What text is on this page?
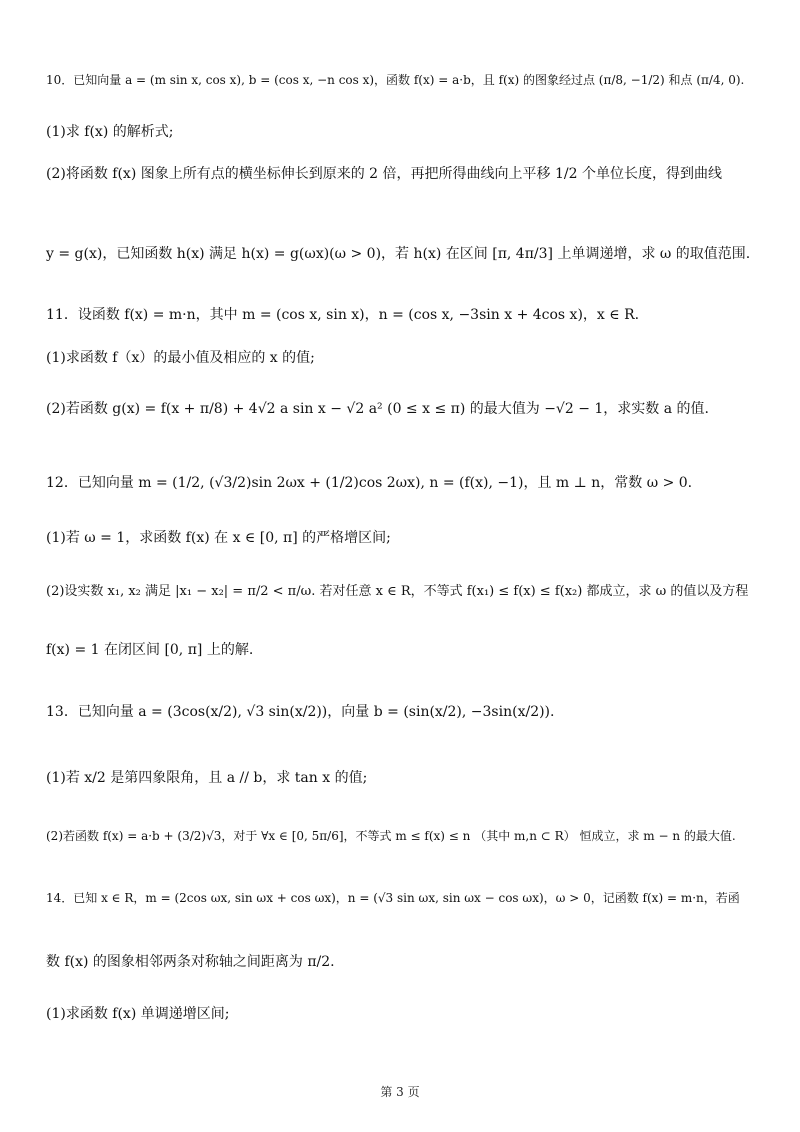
10．已知向量 a = (m sin x, cos x), b = (cos x, −n cos x)，函数 f(x) = a·b，且 f(x) 的图象经过点 (π/8, −1/2) 和点 (π/4, 0).
(1)求 f(x) 的解析式;
(2)将函数 f(x) 图象上所有点的横坐标伸长到原来的 2 倍，再把所得曲线向上平移 1/2 个单位长度，得到曲线
y = g(x)，已知函数 h(x) 满足 h(x) = g(ωx)(ω > 0)，若 h(x) 在区间 [π, 4π/3] 上单调递增，求 ω 的取值范围.
11．设函数 f(x) = m·n，其中 m = (cos x, sin x)，n = (cos x, −3sin x + 4cos x)，x ∈ R.
(1)求函数 f（x）的最小值及相应的 x 的值;
(2)若函数 g(x) = f(x + π/8) + 4√2 a sin x − √2 a² (0 ≤ x ≤ π) 的最大值为 −√2 − 1，求实数 a 的值.
12．已知向量 m = (1/2, (√3/2)sin 2ωx + (1/2)cos 2ωx), n = (f(x), −1)，且 m ⊥ n，常数 ω > 0.
(1)若 ω = 1，求函数 f(x) 在 x ∈ [0, π] 的严格增区间;
(2)设实数 x₁, x₂ 满足 |x₁ − x₂| = π/2 < π/ω. 若对任意 x ∈ R，不等式 f(x₁) ≤ f(x) ≤ f(x₂) 都成立，求 ω 的值以及方程
f(x) = 1 在闭区间 [0, π] 上的解.
13．已知向量 a = (3cos(x/2), √3 sin(x/2))，向量 b = (sin(x/2), −3sin(x/2)).
(1)若 x/2 是第四象限角，且 a // b，求 tan x 的值;
(2)若函数 f(x) = a·b + (3/2)√3，对于 ∀x ∈ [0, 5π/6]，不等式 m ≤ f(x) ≤ n （其中 m,n ⊂ R） 恒成立，求 m − n 的最大值.
14．已知 x ∈ R，m = (2cos ωx, sin ωx + cos ωx)，n = (√3 sin ωx, sin ωx − cos ωx)，ω > 0，记函数 f(x) = m·n，若函
数 f(x) 的图象相邻两条对称轴之间距离为 π/2.
(1)求函数 f(x) 单调递增区间;
第 3 页
